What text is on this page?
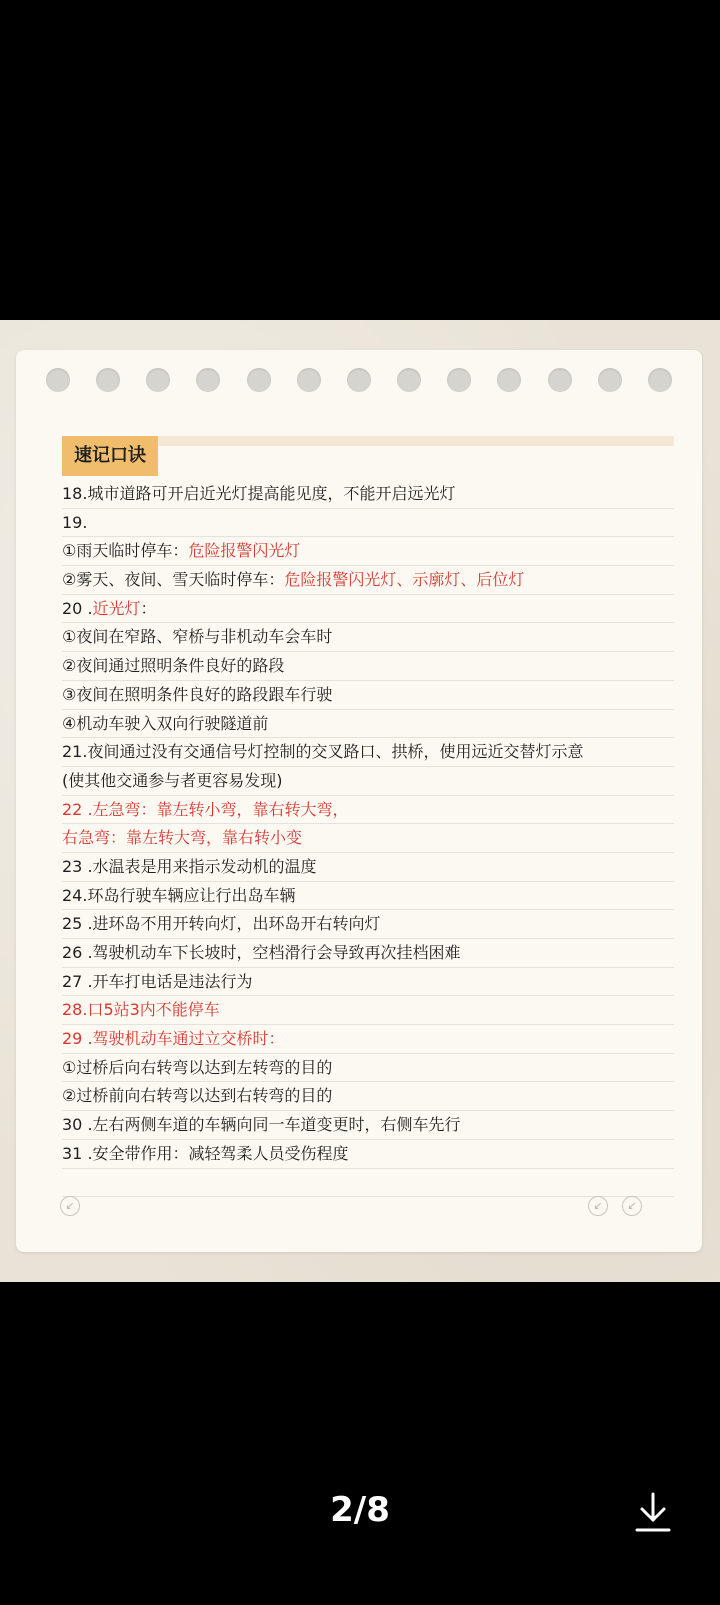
速记口诀
18.城市道路可开启近光灯提高能见度，不能开启远光灯
19.
①雨天临时停车：危险报警闪光灯
②雾天、夜间、雪天临时停车：危险报警闪光灯、示廓灯、后位灯
20 .近光灯：
①夜间在窄路、窄桥与非机动车会车时
②夜间通过照明条件良好的路段
③夜间在照明条件良好的路段跟车行驶
④机动车驶入双向行驶隧道前
21.夜间通过没有交通信号灯控制的交叉路口、拱桥，使用远近交替灯示意
(使其他交通参与者更容易发现)
22 .左急弯：靠左转小弯，靠右转大弯，
右急弯：靠左转大弯，靠右转小变
23 .水温表是用来指示发动机的温度
24.环岛行驶车辆应让行出岛车辆
25 .进环岛不用开转向灯，出环岛开右转向灯
26 .驾驶机动车下长坡时，空档滑行会导致再次挂档困难
27 .开车打电话是违法行为
28.口5站3内不能停车
29 .驾驶机动车通过立交桥时：
①过桥后向右转弯以达到左转弯的目的
②过桥前向右转弯以达到右转弯的目的
30 .左右两侧车道的车辆向同一车道变更时，右侧车先行
31 .安全带作用：减轻驾柔人员受伤程度
↙	↙	↙
2/8
